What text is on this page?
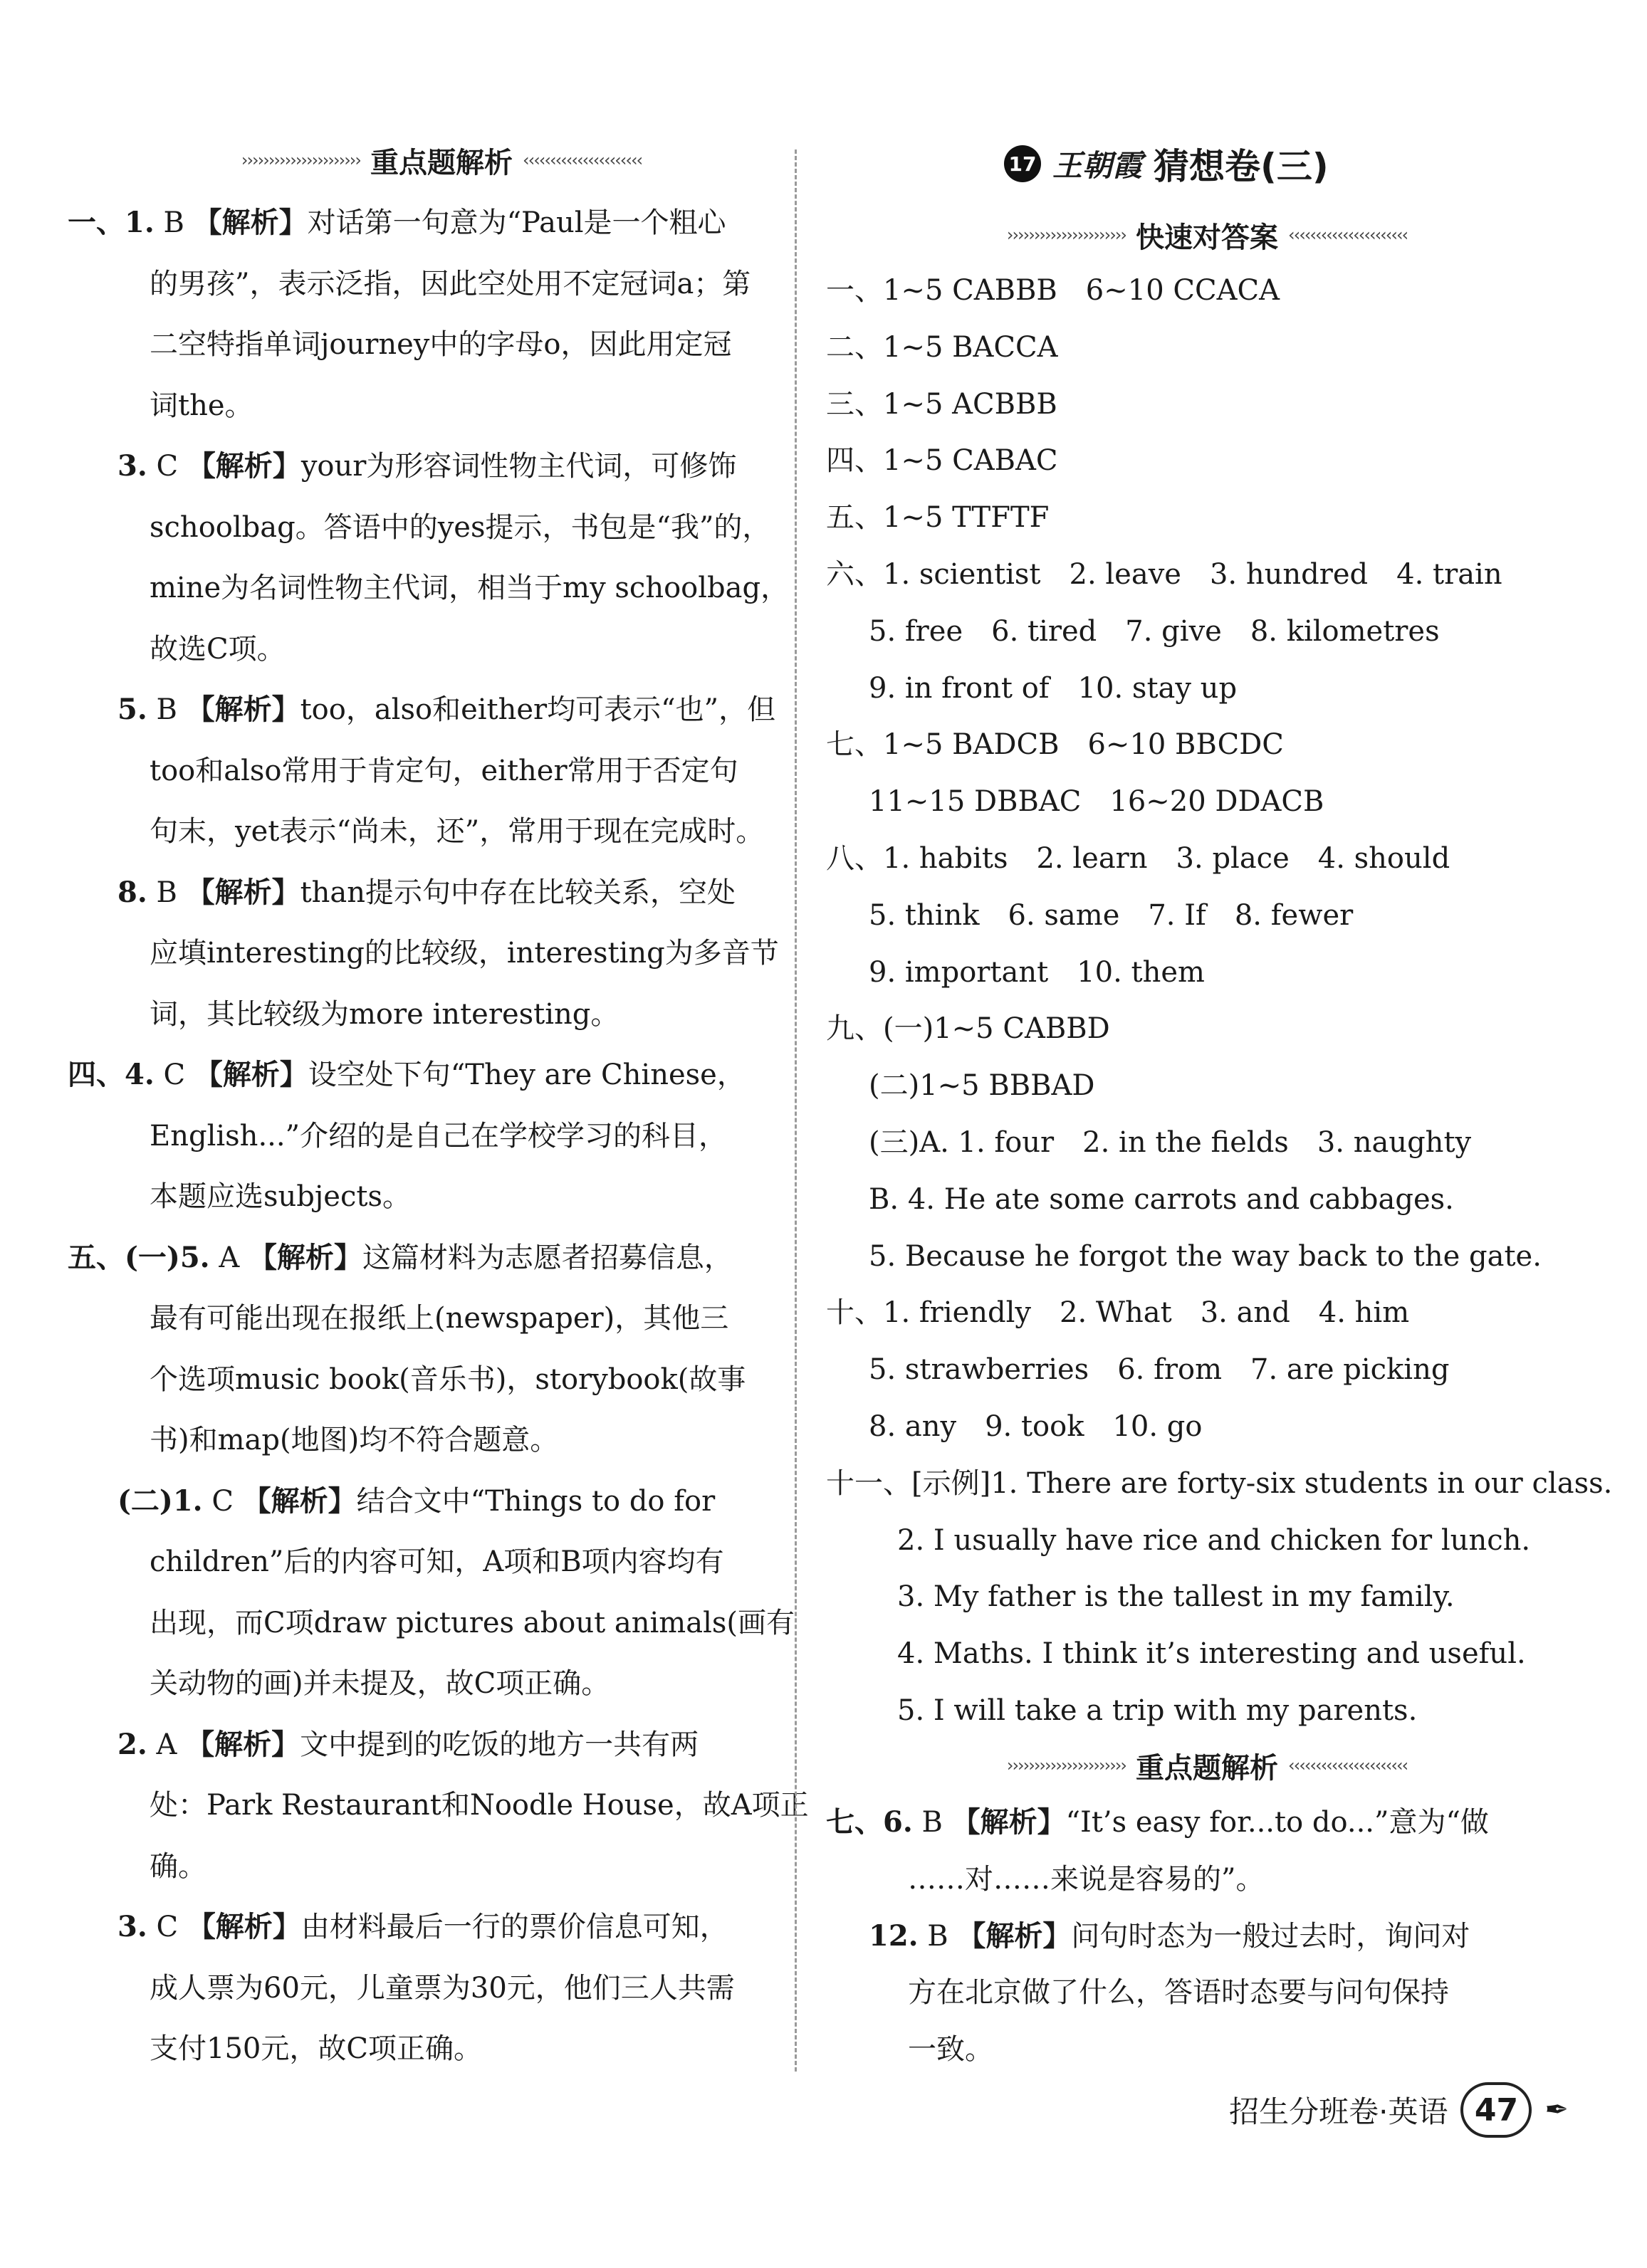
›››››››››››››››››››››› 重点题解析 ‹‹‹‹‹‹‹‹‹‹‹‹‹‹‹‹‹‹‹‹‹‹
一、1. B 【解析】对话第一句意为“Paul是一个粗心
的男孩”，表示泛指，因此空处用不定冠词a；第
二空特指单词journey中的字母o，因此用定冠
词the。
3. C 【解析】your为形容词性物主代词，可修饰
schoolbag。答语中的yes提示，书包是“我”的，
mine为名词性物主代词，相当于my schoolbag，
故选C项。
5. B 【解析】too，also和either均可表示“也”，但
too和also常用于肯定句，either常用于否定句
句末，yet表示“尚未，还”，常用于现在完成时。
8. B 【解析】than提示句中存在比较关系，空处
应填interesting的比较级，interesting为多音节
词，其比较级为more interesting。
四、4. C 【解析】设空处下句“They are Chinese，
English...”介绍的是自己在学校学习的科目，
本题应选subjects。
五、(一)5. A 【解析】这篇材料为志愿者招募信息，
最有可能出现在报纸上(newspaper)，其他三
个选项music book(音乐书)，storybook(故事
书)和map(地图)均不符合题意。
(二)1. C 【解析】结合文中“Things to do for
children”后的内容可知，A项和B项内容均有
出现，而C项draw pictures about animals(画有
关动物的画)并未提及，故C项正确。
2. A 【解析】文中提到的吃饭的地方一共有两
处：Park Restaurant和Noodle House，故A项正
确。
3. C 【解析】由材料最后一行的票价信息可知，
成人票为60元，儿童票为30元，他们三人共需
支付150元，故C项正确。
17 王朝霞 猜想卷(三)
›››››››››››››››››››››› 快速对答案 ‹‹‹‹‹‹‹‹‹‹‹‹‹‹‹‹‹‹‹‹‹‹
一、1~5 CABBB　6~10 CCACA
二、1~5 BACCA
三、1~5 ACBBB
四、1~5 CABAC
五、1~5 TTFTF
六、1. scientist　2. leave　3. hundred　4. train
5. free　6. tired　7. give　8. kilometres
9. in front of　10. stay up
七、1~5 BADCB　6~10 BBCDC
11~15 DBBAC　16~20 DDACB
八、1. habits　2. learn　3. place　4. should
5. think　6. same　7. If　8. fewer
9. important　10. them
九、(一)1~5 CABBD
(二)1~5 BBBAD
(三)A. 1. four　2. in the fields　3. naughty
B. 4. He ate some carrots and cabbages.
5. Because he forgot the way back to the gate.
十、1. friendly　2. What　3. and　4. him
5. strawberries　6. from　7. are picking
8. any　9. took　10. go
十一、[示例]1. There are forty-six students in our class.
2. I usually have rice and chicken for lunch.
3. My father is the tallest in my family.
4. Maths. I think it’s interesting and useful.
5. I will take a trip with my parents.
›››››››››››››››››››››› 重点题解析 ‹‹‹‹‹‹‹‹‹‹‹‹‹‹‹‹‹‹‹‹‹‹
七、6. B 【解析】“It’s easy for...to do...”意为“做
……对……来说是容易的”。
12. B 【解析】问句时态为一般过去时，询问对
方在北京做了什么，答语时态要与问句保持
一致。
招生分班卷·英语 47 ✒
